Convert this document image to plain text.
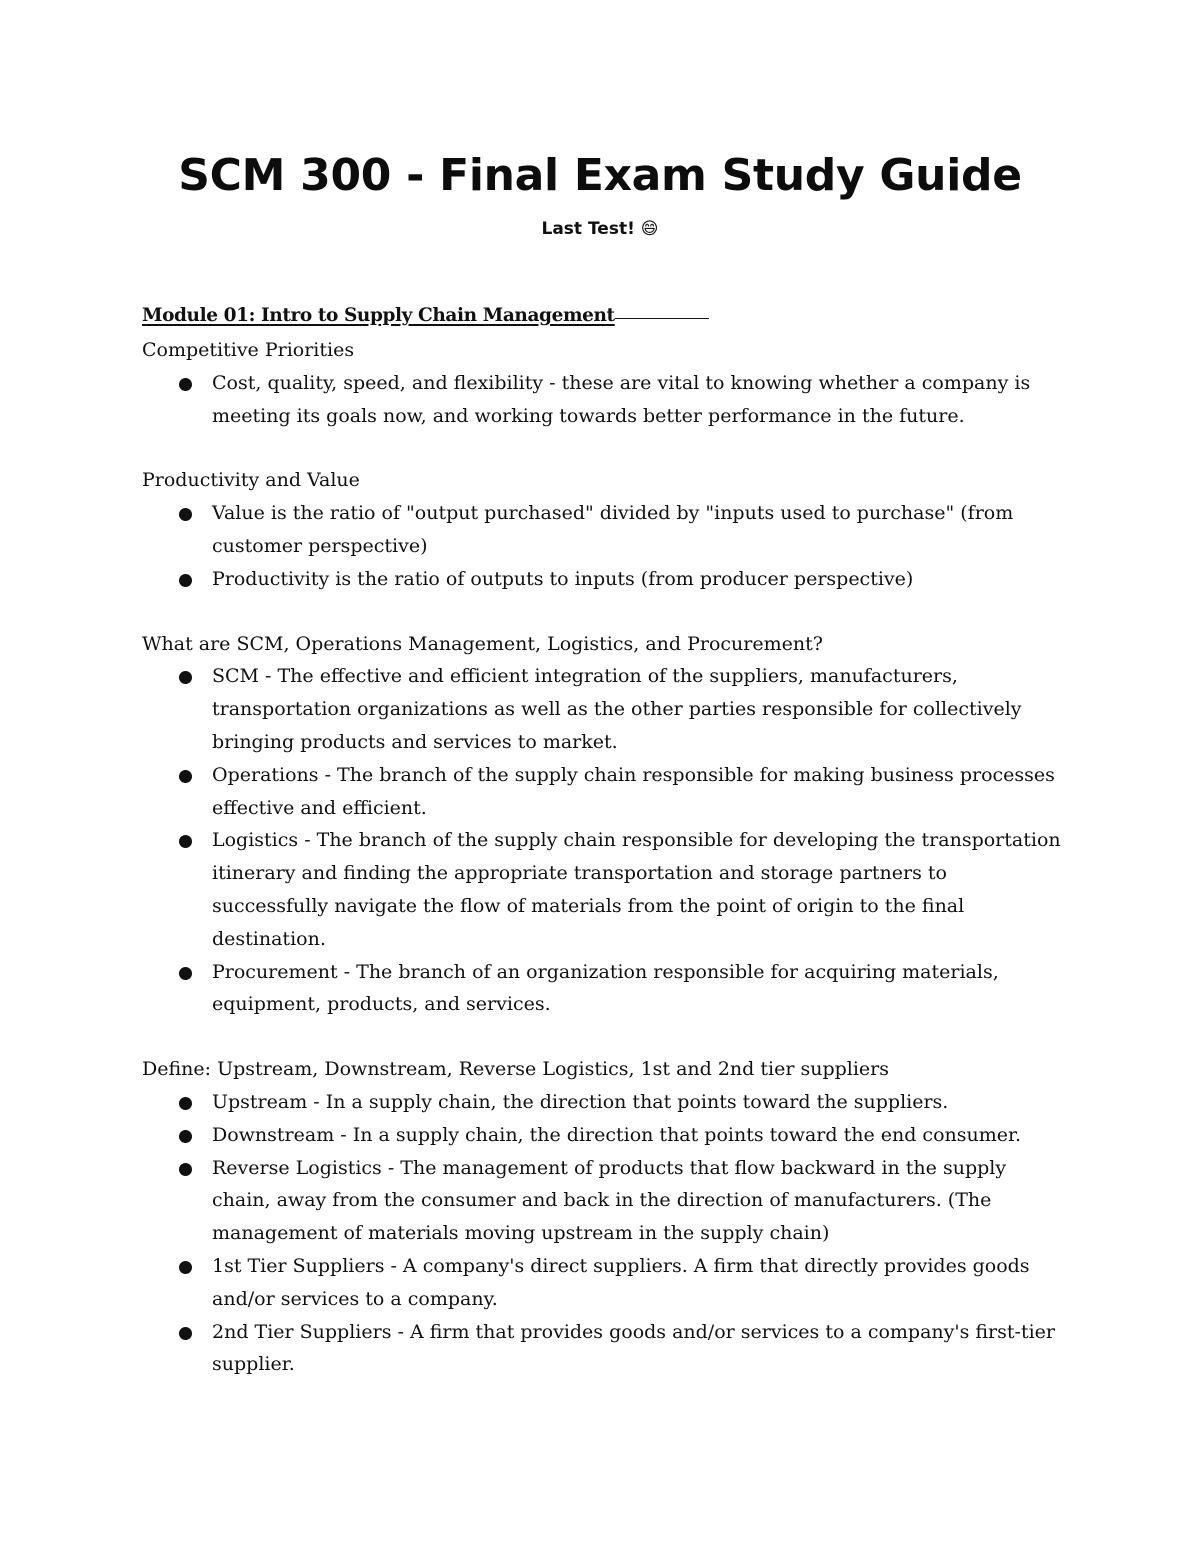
SCM 300 - Final Exam Study Guide
Last Test! 😄

Module 01: Intro to Supply Chain Management

Competitive Priorities

Cost, quality, speed, and flexibility - these are vital to knowing whether a company is meeting its goals now, and working towards better performance in the future.

Productivity and Value

Value is the ratio of "output purchased" divided by "inputs used to purchase" (from customer perspective)
Productivity is the ratio of outputs to inputs (from producer perspective)

What are SCM, Operations Management, Logistics, and Procurement?

SCM - The effective and efficient integration of the suppliers, manufacturers, transportation organizations as well as the other parties responsible for collectively bringing products and services to market.
Operations - The branch of the supply chain responsible for making business processes effective and efficient.
Logistics - The branch of the supply chain responsible for developing the transportation itinerary and finding the appropriate transportation and storage partners to successfully navigate the flow of materials from the point of origin to the final destination.
Procurement - The branch of an organization responsible for acquiring materials, equipment, products, and services.

Define: Upstream, Downstream, Reverse Logistics, 1st and 2nd tier suppliers

Upstream - In a supply chain, the direction that points toward the suppliers.
Downstream - In a supply chain, the direction that points toward the end consumer.
Reverse Logistics - The management of products that flow backward in the supply chain, away from the consumer and back in the direction of manufacturers. (The management of materials moving upstream in the supply chain)
1st Tier Suppliers - A company's direct suppliers. A firm that directly provides goods and/or services to a company.
2nd Tier Suppliers - A firm that provides goods and/or services to a company's first-tier supplier.
